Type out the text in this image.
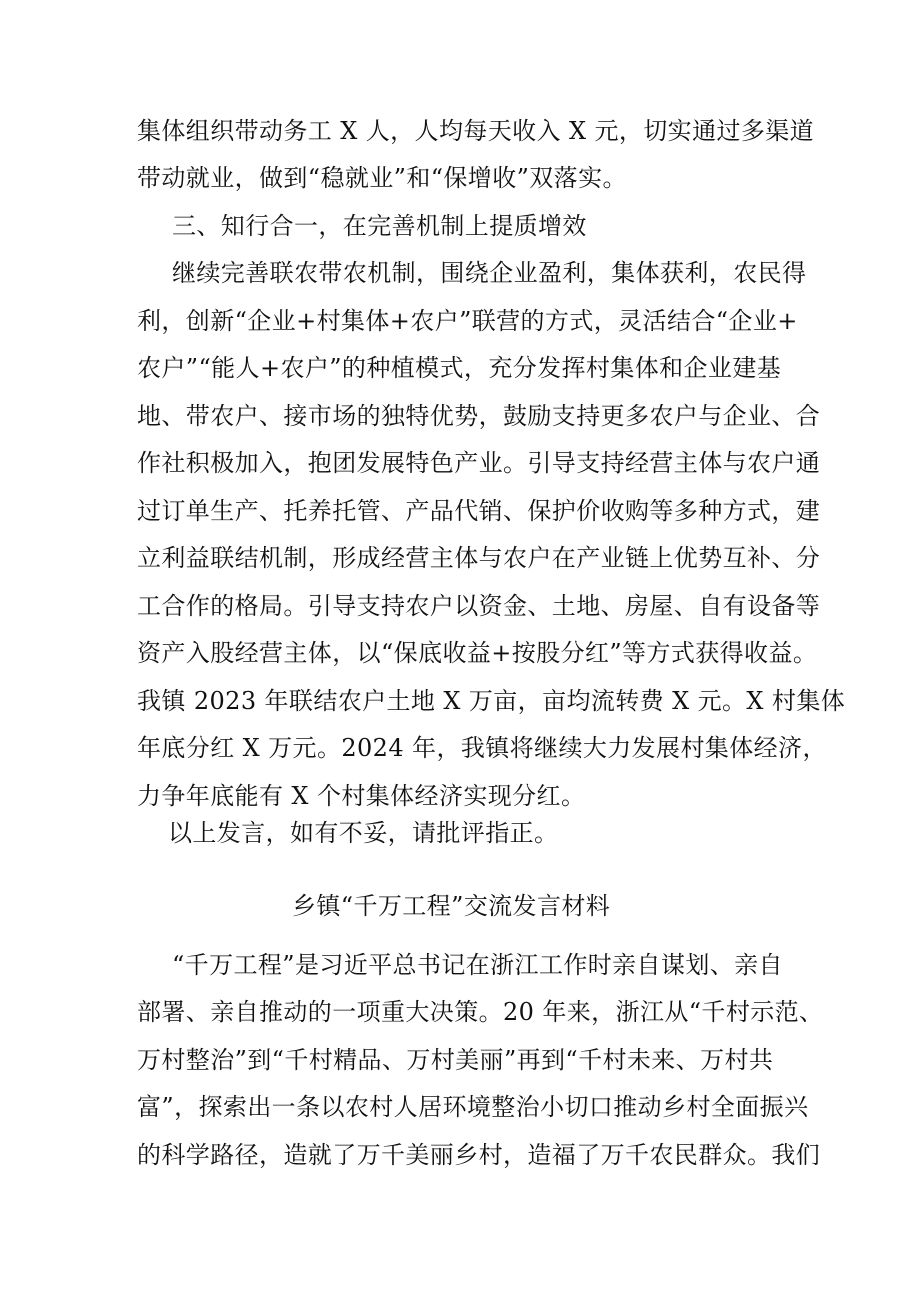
集体组织带动务工 X 人，人均每天收入 X 元，切实通过多渠道
带动就业，做到“稳就业”和“保增收”双落实。
三、知行合一，在完善机制上提质增效
继续完善联农带农机制，围绕企业盈利，集体获利，农民得
利，创新“企业+村集体+农户”联营的方式，灵活结合“企业+
农户”“能人+农户”的种植模式，充分发挥村集体和企业建基
地、带农户、接市场的独特优势，鼓励支持更多农户与企业、合
作社积极加入，抱团发展特色产业。引导支持经营主体与农户通
过订单生产、托养托管、产品代销、保护价收购等多种方式，建
立利益联结机制，形成经营主体与农户在产业链上优势互补、分
工合作的格局。引导支持农户以资金、土地、房屋、自有设备等
资产入股经营主体，以“保底收益+按股分红”等方式获得收益。
我镇 2023 年联结农户土地 X 万亩，亩均流转费 X 元。X 村集体
年底分红 X 万元。2024 年，我镇将继续大力发展村集体经济，
力争年底能有 X 个村集体经济实现分红。
以上发言，如有不妥，请批评指正。
乡镇“千万工程”交流发言材料
“千万工程”是习近平总书记在浙江工作时亲自谋划、亲自
部署、亲自推动的一项重大决策。20 年来，浙江从“千村示范、
万村整治”到“千村精品、万村美丽”再到“千村未来、万村共
富”，探索出一条以农村人居环境整治小切口推动乡村全面振兴
的科学路径，造就了万千美丽乡村，造福了万千农民群众。我们
